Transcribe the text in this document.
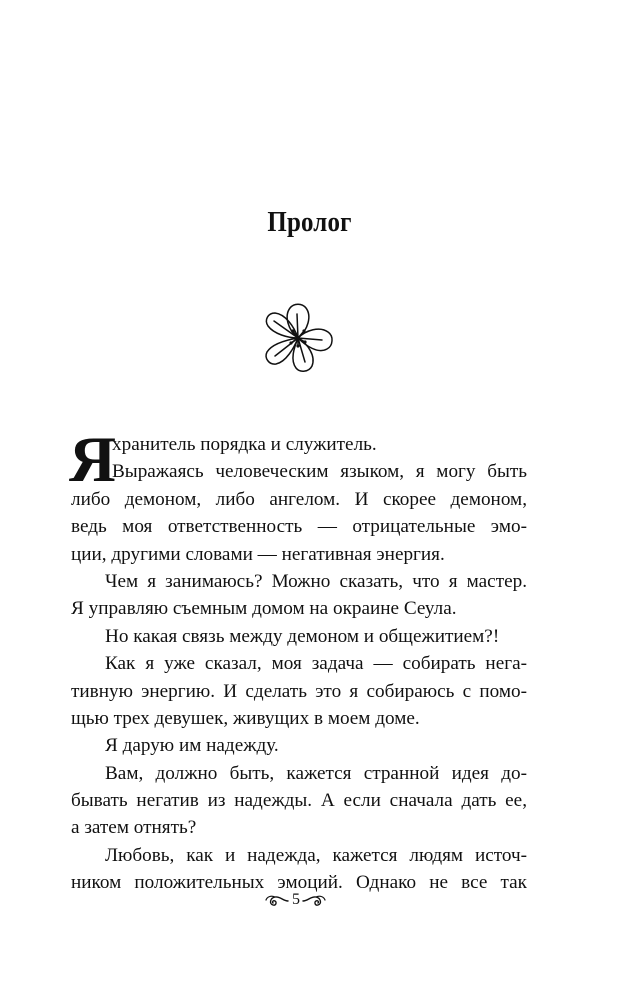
Пролог
Я
хранитель порядка и служитель.
Выражаясь человеческим языком, я могу быть
либо демоном, либо ангелом. И скорее демоном,
ведь моя ответственность — отрицательные эмо-
ции, другими словами — негативная энергия.
Чем я занимаюсь? Можно сказать, что я мастер.
Я управляю съемным домом на окраине Сеула.
Но какая связь между демоном и общежитием?!
Как я уже сказал, моя задача — собирать нега-
тивную энергию. И сделать это я собираюсь с помо-
щью трех девушек, живущих в моем доме.
Я дарую им надежду.
Вам, должно быть, кажется странной идея до-
бывать негатив из надежды. А если сначала дать ее,
а затем отнять?
Любовь, как и надежда, кажется людям источ-
ником положительных эмоций. Однако не все так
5
